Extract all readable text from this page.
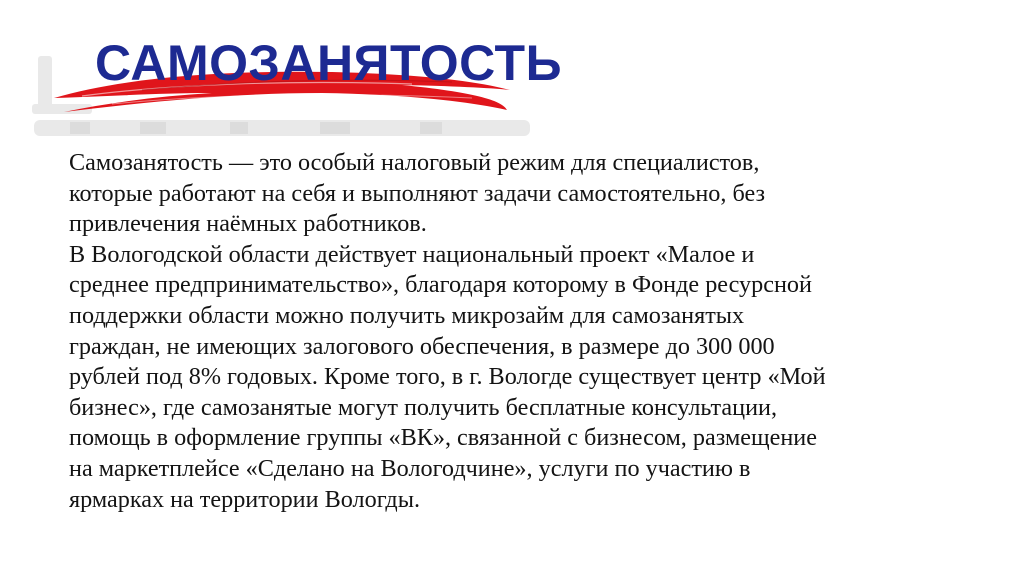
САМОЗАНЯТОСТЬ
Самозанятость — это особый налоговый режим для специалистов,
которые работают на себя и выполняют задачи самостоятельно, без
привлечения наёмных работников.
В Вологодской области действует национальный проект «Малое и
среднее предпринимательство», благодаря которому в Фонде ресурсной
поддержки области можно получить микрозайм для самозанятых
граждан, не имеющих залогового обеспечения, в размере до 300 000
рублей под 8% годовых. Кроме того, в г. Вологде существует центр «Мой
бизнес», где самозанятые могут получить бесплатные консультации,
помощь в оформление группы «ВК», связанной с бизнесом, размещение
на маркетплейсе «Сделано на Вологодчине», услуги по участию в
ярмарках на территории Вологды.
